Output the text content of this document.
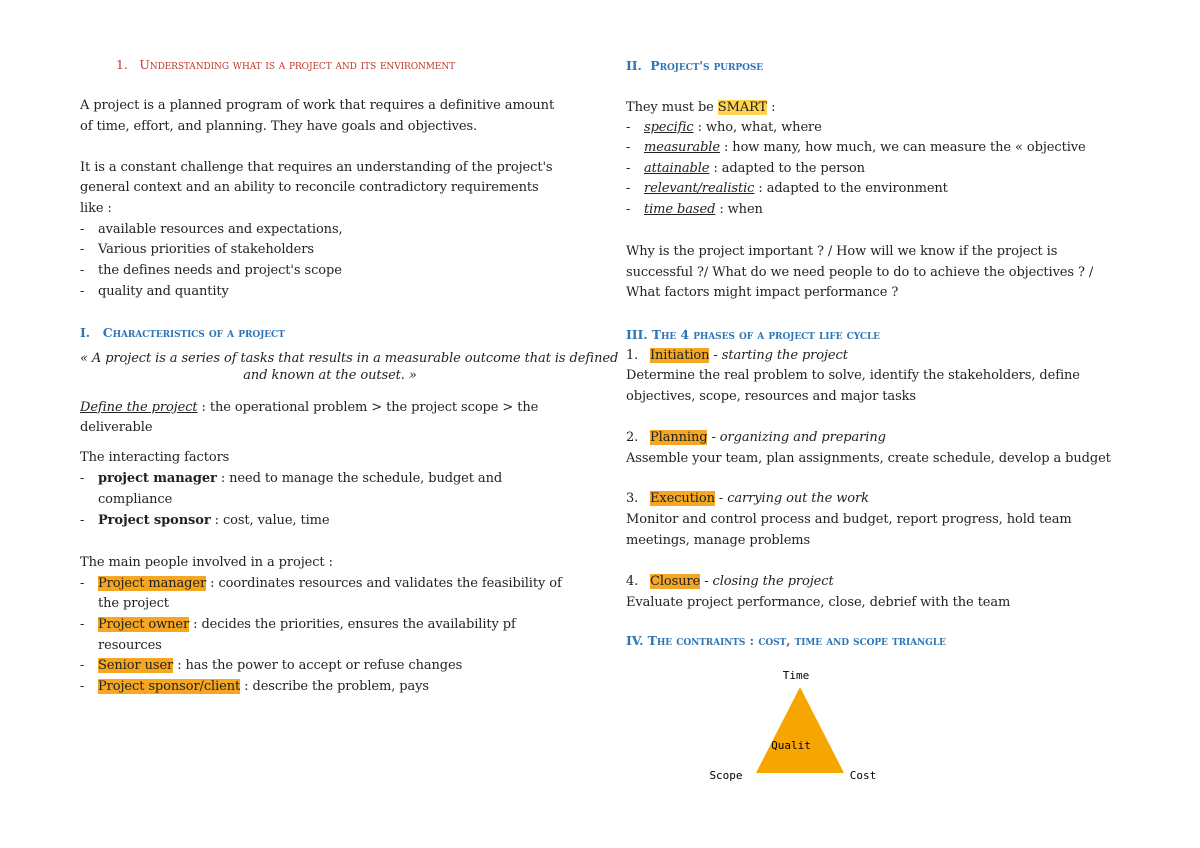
1. Understanding what is a project and its environment
A project is a planned program of work that requires a definitive amount
of time, effort, and planning. They have goals and objectives.
It is a constant challenge that requires an understanding of the project's
general context and an ability to reconcile contradictory requirements
like :
- available resources and expectations,
- Various priorities of stakeholders
- the defines needs and project's scope
- quality and quantity
I. Characteristics of a project
« A project is a series of tasks that results in a measurable outcome that is defined
and known at the outset. »
Define the project : the operational problem > the project scope > the
deliverable
The interacting factors
- project manager : need to manage the schedule, budget and
compliance
- Project sponsor : cost, value, time
The main people involved in a project :
- Project manager : coordinates resources and validates the feasibility of
the project
- Project owner : decides the priorities, ensures the availability pf
resources
- Senior user : has the power to accept or refuse changes
- Project sponsor/client : describe the problem, pays
II. Project's purpose
They must be SMART :
- specific : who, what, where
- measurable : how many, how much, we can measure the « objective
- attainable : adapted to the person
- relevant/realistic : adapted to the environment
- time based : when
Why is the project important ? / How will we know if the project is
successful ?/ What do we need people to do to achieve the objectives ? /
What factors might impact performance ?
III. The 4 phases of a project life cycle
1. Initiation - starting the project
Determine the real problem to solve, identify the stakeholders, define
objectives, scope, resources and major tasks
2. Planning - organizing and preparing
Assemble your team, plan assignments, create schedule, develop a budget
3. Execution - carrying out the work
Monitor and control process and budget, report progress, hold team
meetings, manage problems
4. Closure - closing the project
Evaluate project performance, close, debrief with the team
IV. The contraints : cost, time and scope triangle
Time
Qualit
Scope	Cost
